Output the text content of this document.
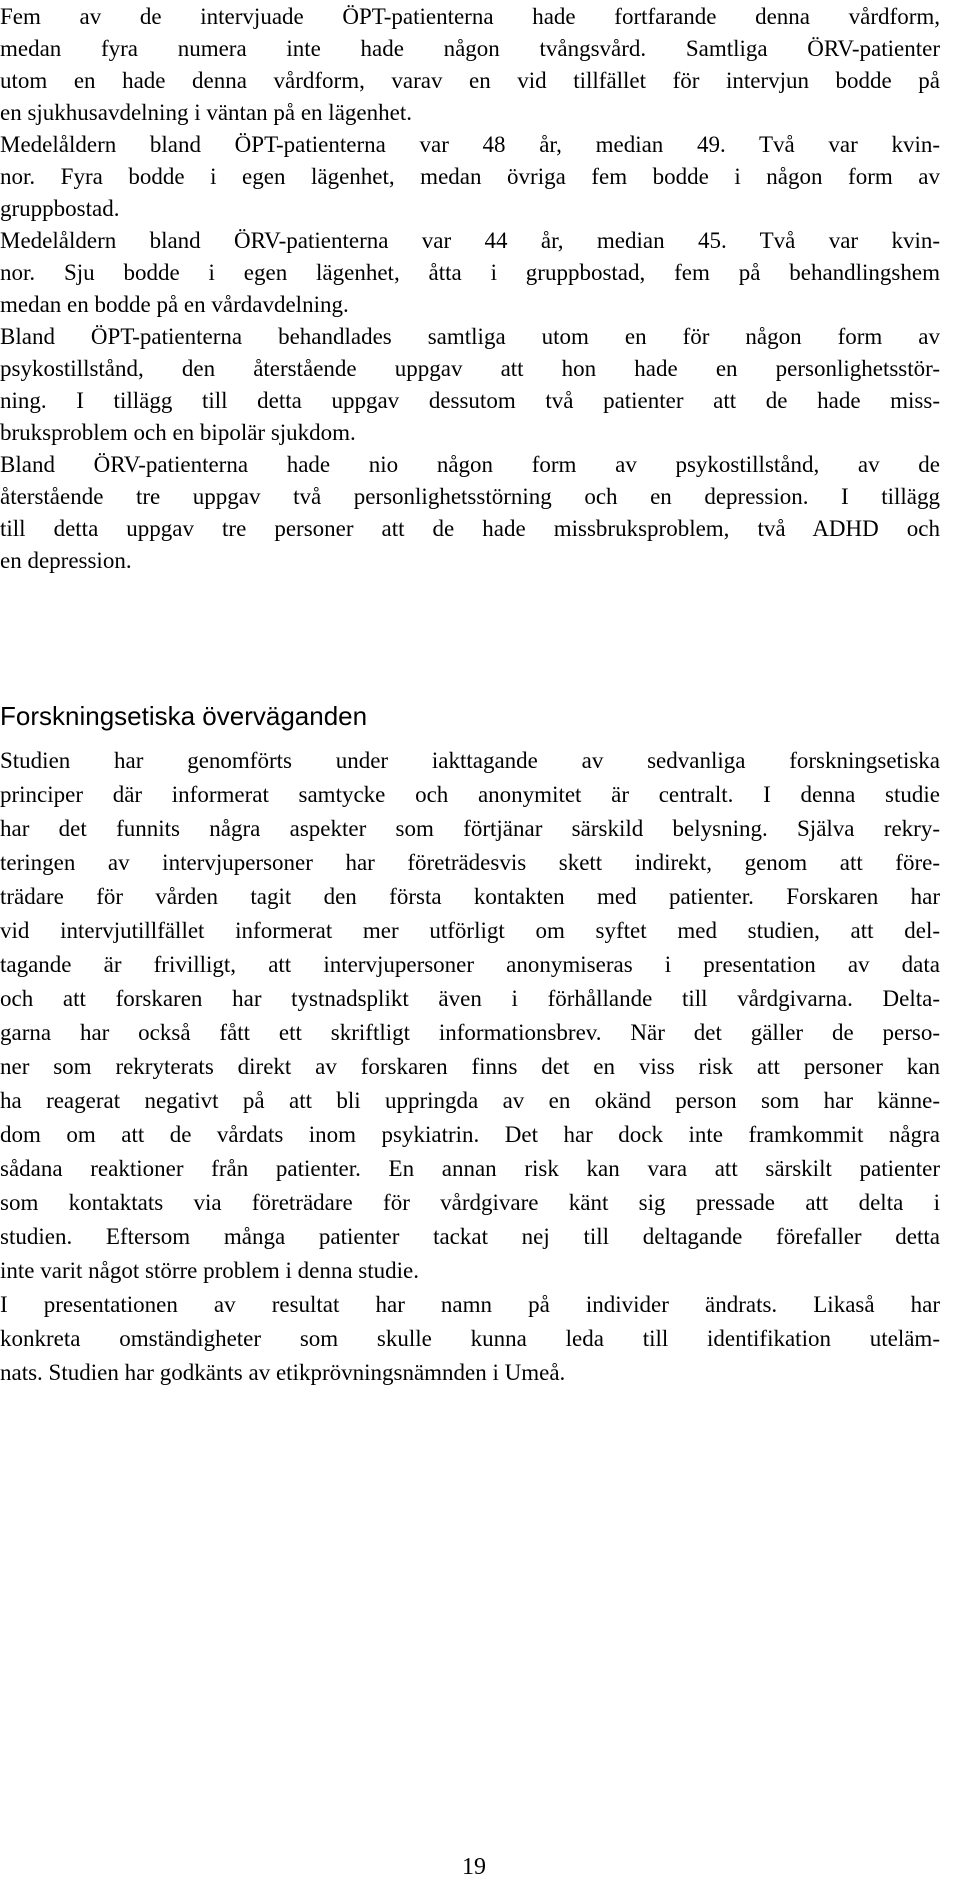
Fem av de intervjuade ÖPT-patienterna hade fortfarande denna vårdform,
medan fyra numera inte hade någon tvångsvård. Samtliga ÖRV-patienter
utom en hade denna vårdform, varav en vid tillfället för intervjun bodde på
en sjukhusavdelning i väntan på en lägenhet.
Medelåldern bland ÖPT-patienterna var 48 år, median 49. Två var kvin-
nor. Fyra bodde i egen lägenhet, medan övriga fem bodde i någon form av
gruppbostad.
Medelåldern bland ÖRV-patienterna var 44 år, median 45. Två var kvin-
nor. Sju bodde i egen lägenhet, åtta i gruppbostad, fem på behandlingshem
medan en bodde på en vårdavdelning.
Bland ÖPT-patienterna behandlades samtliga utom en för någon form av
psykostillstånd, den återstående uppgav att hon hade en personlighetsstör-
ning. I tillägg till detta uppgav dessutom två patienter att de hade miss-
bruksproblem och en bipolär sjukdom.
Bland ÖRV-patienterna hade nio någon form av psykostillstånd, av de
återstående tre uppgav två personlighetsstörning och en depression. I tillägg
till detta uppgav tre personer att de hade missbruksproblem, två ADHD och
en depression.
Forskningsetiska överväganden
Studien har genomförts under iakttagande av sedvanliga forskningsetiska
principer där informerat samtycke och anonymitet är centralt. I denna studie
har det funnits några aspekter som förtjänar särskild belysning. Själva rekry-
teringen av intervjupersoner har företrädesvis skett indirekt, genom att före-
trädare för vården tagit den första kontakten med patienter. Forskaren har
vid intervjutillfället informerat mer utförligt om syftet med studien, att del-
tagande är frivilligt, att intervjupersoner anonymiseras i presentation av data
och att forskaren har tystnadsplikt även i förhållande till vårdgivarna. Delta-
garna har också fått ett skriftligt informationsbrev. När det gäller de perso-
ner som rekryterats direkt av forskaren finns det en viss risk att personer kan
ha reagerat negativt på att bli uppringda av en okänd person som har känne-
dom om att de vårdats inom psykiatrin. Det har dock inte framkommit några
sådana reaktioner från patienter. En annan risk kan vara att särskilt patienter
som kontaktats via företrädare för vårdgivare känt sig pressade att delta i
studien. Eftersom många patienter tackat nej till deltagande förefaller detta
inte varit något större problem i denna studie.
I presentationen av resultat har namn på individer ändrats. Likaså har
konkreta omständigheter som skulle kunna leda till identifikation uteläm-
nats. Studien har godkänts av etikprövningsnämnden i Umeå.
19
